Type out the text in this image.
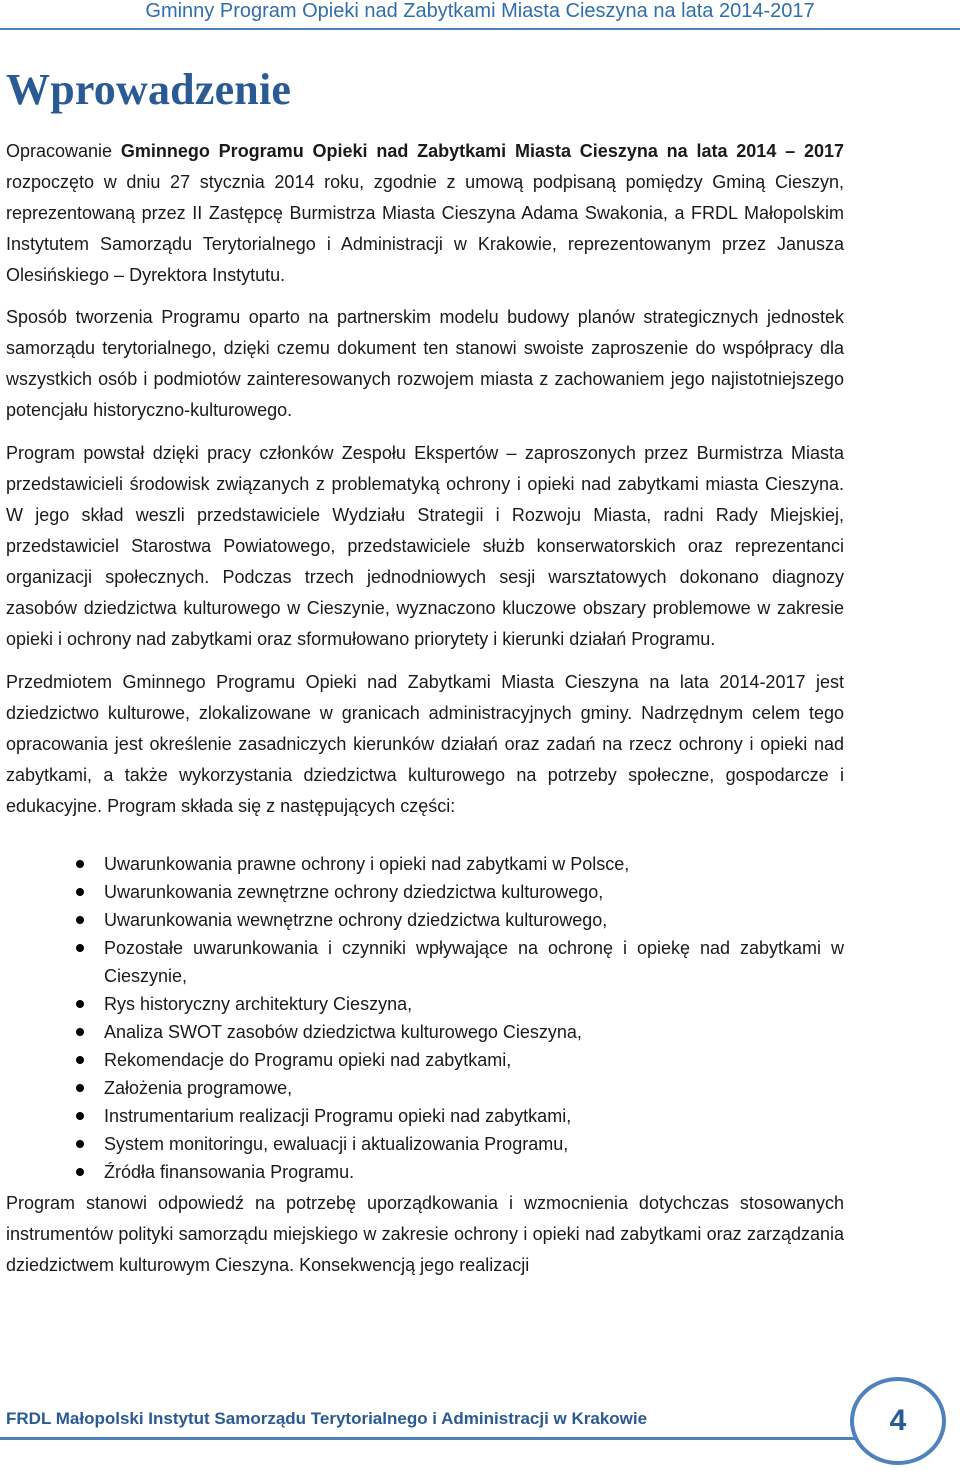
Gminny Program Opieki nad Zabytkami Miasta Cieszyna na lata 2014-2017
Wprowadzenie

Opracowanie Gminnego Programu Opieki nad Zabytkami Miasta Cieszyna na lata 2014 – 2017 rozpoczęto w dniu 27 stycznia 2014 roku, zgodnie z umową podpisaną pomiędzy Gminą Cieszyn, reprezentowaną przez II Zastępcę Burmistrza Miasta Cieszyna Adama Swakonia, a FRDL Małopolskim Instytutem Samorządu Terytorialnego i Administracji w Krakowie, reprezentowanym przez Janusza Olesińskiego – Dyrektora Instytutu.

Sposób tworzenia Programu oparto na partnerskim modelu budowy planów strategicznych jednostek samorządu terytorialnego, dzięki czemu dokument ten stanowi swoiste zaproszenie do współpracy dla wszystkich osób i podmiotów zainteresowanych rozwojem miasta z zachowaniem jego najistotniejszego potencjału historyczno-kulturowego.

Program powstał dzięki pracy członków Zespołu Ekspertów – zaproszonych przez Burmistrza Miasta przedstawicieli środowisk związanych z problematyką ochrony i opieki nad zabytkami miasta Cieszyna. W jego skład weszli przedstawiciele Wydziału Strategii i Rozwoju Miasta, radni Rady Miejskiej, przedstawiciel Starostwa Powiatowego, przedstawiciele służb konserwatorskich oraz reprezentanci organizacji społecznych. Podczas trzech jednodniowych sesji warsztatowych dokonano diagnozy zasobów dziedzictwa kulturowego w Cieszynie, wyznaczono kluczowe obszary problemowe w zakresie opieki i ochrony nad zabytkami oraz sformułowano priorytety i kierunki działań Programu.

Przedmiotem Gminnego Programu Opieki nad Zabytkami Miasta Cieszyna na lata 2014-2017 jest dziedzictwo kulturowe, zlokalizowane w granicach administracyjnych gminy. Nadrzędnym celem tego opracowania jest określenie zasadniczych kierunków działań oraz zadań na rzecz ochrony i opieki nad zabytkami, a także wykorzystania dziedzictwa kulturowego na potrzeby społeczne, gospodarcze i edukacyjne. Program składa się z następujących części:

Uwarunkowania prawne ochrony i opieki nad zabytkami w Polsce,
Uwarunkowania zewnętrzne ochrony dziedzictwa kulturowego,
Uwarunkowania wewnętrzne ochrony dziedzictwa kulturowego,
Pozostałe uwarunkowania i czynniki wpływające na ochronę i opiekę nad zabytkami w Cieszynie,
Rys historyczny architektury Cieszyna,
Analiza SWOT zasobów dziedzictwa kulturowego Cieszyna,
Rekomendacje do Programu opieki nad zabytkami,
Założenia programowe,
Instrumentarium realizacji Programu opieki nad zabytkami,
System monitoringu, ewaluacji i aktualizowania Programu,
Źródła finansowania Programu.

Program stanowi odpowiedź na potrzebę uporządkowania i wzmocnienia dotychczas stosowanych instrumentów polityki samorządu miejskiego w zakresie ochrony i opieki nad zabytkami oraz zarządzania dziedzictwem kulturowym Cieszyna. Konsekwencją jego realizacji

FRDL Małopolski Instytut Samorządu Terytorialnego i Administracji w Krakowie	4
